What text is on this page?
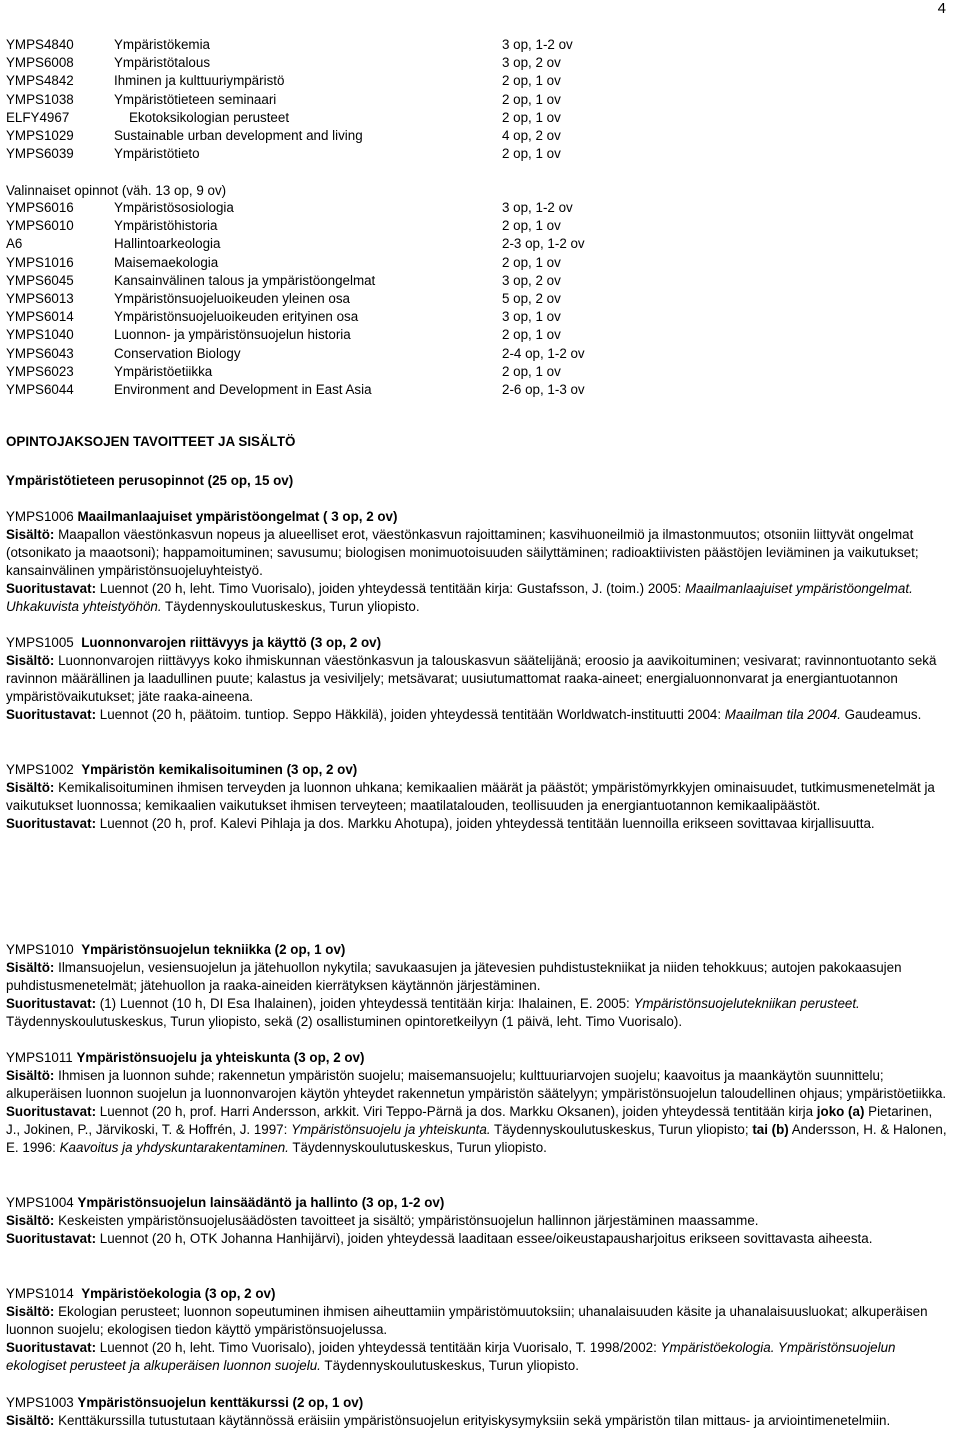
4
YMPS4840	Ympäristökemia	3 op, 1-2 ov
YMPS6008	Ympäristötalous	3 op, 2 ov
YMPS4842	Ihminen ja kulttuuriympäristö	2 op, 1 ov
YMPS1038	Ympäristötieteen seminaari	2 op, 1 ov
ELFY4967	Ekotoksikologian perusteet	2 op, 1 ov
YMPS1029	Sustainable urban development and living	4 op, 2 ov
YMPS6039	Ympäristötieto	2 op, 1 ov
Valinnaiset opinnot (väh. 13 op, 9 ov)
YMPS6016	Ympäristösosiologia	3 op, 1-2 ov
YMPS6010	Ympäristöhistoria	2 op, 1 ov
A6	Hallintoarkeologia	2-3 op, 1-2 ov
YMPS1016	Maisemaekologia	2 op, 1 ov
YMPS6045	Kansainvälinen talous ja ympäristöongelmat	3 op, 2 ov
YMPS6013	Ympäristönsuojeluoikeuden yleinen osa	5 op, 2 ov
YMPS6014	Ympäristönsuojeluoikeuden erityinen osa	3 op, 1 ov
YMPS1040	Luonnon- ja ympäristönsuojelun historia	2 op, 1 ov
YMPS6043	Conservation Biology	2-4 op, 1-2 ov
YMPS6023	Ympäristöetiikka	2 op, 1 ov
YMPS6044	Environment and Development in East Asia	2-6 op, 1-3 ov

OPINTOJAKSOJEN TAVOITTEET JA SISÄLTÖ

Ympäristötieteen perusopinnot (25 op, 15 ov)

YMPS1006 Maailmanlaajuiset ympäristöongelmat ( 3 op, 2 ov)
Sisältö: Maapallon väestönkasvun nopeus ja alueelliset erot, väestönkasvun rajoittaminen; kasvihuoneilmiö ja ilmastonmuutos; otsoniin liittyvät ongelmat (otsonikato ja maaotsoni); happamoituminen; savusumu; biologisen monimuotoisuuden säilyttäminen; radioaktiivisten päästöjen leviäminen ja vaikutukset; kansainvälinen ympäristönsuojeluyhteistyö.
Suoritustavat: Luennot (20 h, leht. Timo Vuorisalo), joiden yhteydessä tentitään kirja: Gustafsson, J. (toim.) 2005: Maailmanlaajuiset ympäristöongelmat. Uhkakuvista yhteistyöhön. Täydennyskoulutuskeskus, Turun yliopisto.
YMPS1005 Luonnonvarojen riittävyys ja käyttö (3 op, 2 ov)
Sisältö: Luonnonvarojen riittävyys koko ihmiskunnan väestönkasvun ja talouskasvun säätelijänä; eroosio ja aavikoituminen; vesivarat; ravinnontuotanto sekä ravinnon määrällinen ja laadullinen puute; kalastus ja vesiviljely; metsävarat; uusiutumattomat raaka-aineet; energialuonnonvarat ja energiantuotannon ympäristövaikutukset; jäte raaka-aineena.
Suoritustavat: Luennot (20 h, päätoim. tuntiop. Seppo Häkkilä), joiden yhteydessä tentitään Worldwatch-instituutti 2004: Maailman tila 2004. Gaudeamus.
YMPS1002 Ympäristön kemikalisoituminen (3 op, 2 ov)
Sisältö: Kemikalisoituminen ihmisen terveyden ja luonnon uhkana; kemikaalien määrät ja päästöt; ympäristömyrkkyjen ominaisuudet, tutkimusmenetelmät ja vaikutukset luonnossa; kemikaalien vaikutukset ihmisen terveyteen; maatilatalouden, teollisuuden ja energiantuotannon kemikaalipäästöt.
Suoritustavat: Luennot (20 h, prof. Kalevi Pihlaja ja dos. Markku Ahotupa), joiden yhteydessä tentitään luennoilla erikseen sovittavaa kirjallisuutta.
YMPS1010 Ympäristönsuojelun tekniikka (2 op, 1 ov)
Sisältö: Ilmansuojelun, vesiensuojelun ja jätehuollon nykytila; savukaasujen ja jätevesien puhdistustekniikat ja niiden tehokkuus; autojen pakokaasujen puhdistusmenetelmät; jätehuollon ja raaka-aineiden kierrätyksen käytännön järjestäminen.
Suoritustavat: (1) Luennot (10 h, DI Esa Ihalainen), joiden yhteydessä tentitään kirja: Ihalainen, E. 2005: Ympäristönsuojelutekniikan perusteet. Täydennyskoulutuskeskus, Turun yliopisto, sekä (2) osallistuminen opintoretkeilyyn (1 päivä, leht. Timo Vuorisalo).
YMPS1011 Ympäristönsuojelu ja yhteiskunta (3 op, 2 ov)
Sisältö: Ihmisen ja luonnon suhde; rakennetun ympäristön suojelu; maisemansuojelu; kulttuuriarvojen suojelu; kaavoitus ja maankäytön suunnittelu; alkuperäisen luonnon suojelun ja luonnonvarojen käytön yhteydet rakennetun ympäristön säätelyyn; ympäristönsuojelun taloudellinen ohjaus; ympäristöetiikka.
Suoritustavat: Luennot (20 h, prof. Harri Andersson, arkkit. Viri Teppo-Pärnä ja dos. Markku Oksanen), joiden yhteydessä tentitään kirja joko (a) Pietarinen, J., Jokinen, P., Järvikoski, T. & Hoffrén, J. 1997: Ympäristönsuojelu ja yhteiskunta. Täydennyskoulutuskeskus, Turun yliopisto; tai (b) Andersson, H. & Halonen, E. 1996: Kaavoitus ja yhdyskuntarakentaminen. Täydennyskoulutuskeskus, Turun yliopisto.
YMPS1004 Ympäristönsuojelun lainsäädäntö ja hallinto (3 op, 1-2 ov)
Sisältö: Keskeisten ympäristönsuojelusäädösten tavoitteet ja sisältö; ympäristönsuojelun hallinnon järjestäminen maassamme.
Suoritustavat: Luennot (20 h, OTK Johanna Hanhijärvi), joiden yhteydessä laaditaan essee/oikeustapausharjoitus erikseen sovittavasta aiheesta.
YMPS1014 Ympäristöekologia (3 op, 2 ov)
Sisältö: Ekologian perusteet; luonnon sopeutuminen ihmisen aiheuttamiin ympäristömuutoksiin; uhanalaisuuden käsite ja uhanalaisuusluokat; alkuperäisen luonnon suojelu; ekologisen tiedon käyttö ympäristönsuojelussa.
Suoritustavat: Luennot (20 h, leht. Timo Vuorisalo), joiden yhteydessä tentitään kirja Vuorisalo, T. 1998/2002: Ympäristöekologia. Ympäristönsuojelun ekologiset perusteet ja alkuperäisen luonnon suojelu. Täydennyskoulutuskeskus, Turun yliopisto.
YMPS1003 Ympäristönsuojelun kenttäkurssi (2 op, 1 ov)
Sisältö: Kenttäkurssilla tutustutaan käytännössä eräisiin ympäristönsuojelun erityiskysymyksiin sekä ympäristön tilan mittaus- ja arviointimenetelmiin.
